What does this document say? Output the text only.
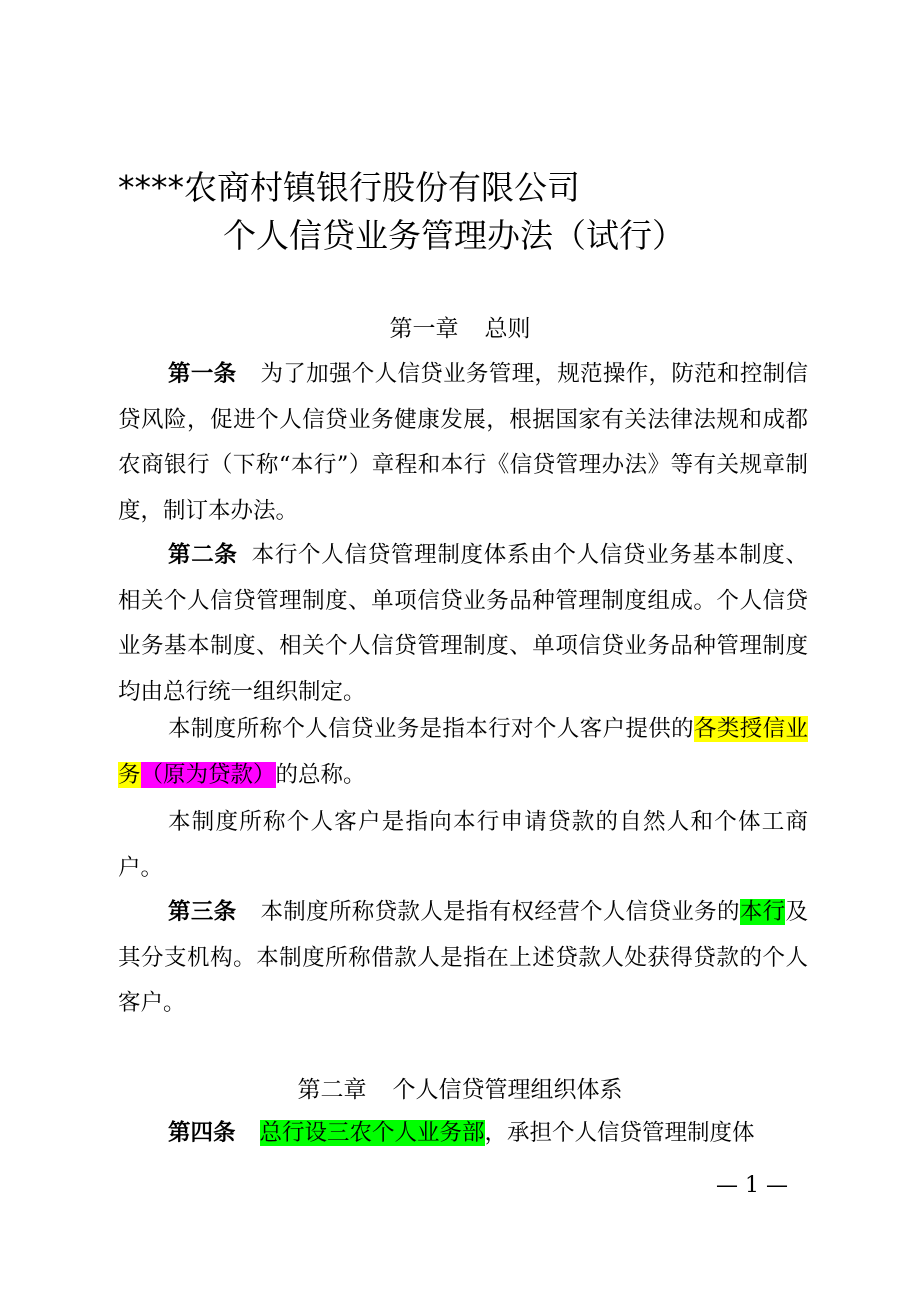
****农商村镇银行股份有限公司
个人信贷业务管理办法（试行）
第一章 总则

第一条 为了加强个人信贷业务管理，规范操作，防范和控制信贷风险，促进个人信贷业务健康发展，根据国家有关法律法规和成都农商银行（下称“本行”）章程和本行《信贷管理办法》等有关规章制度，制订本办法。

第二条 本行个人信贷管理制度体系由个人信贷业务基本制度、相关个人信贷管理制度、单项信贷业务品种管理制度组成。个人信贷业务基本制度、相关个人信贷管理制度、单项信贷业务品种管理制度均由总行统一组织制定。

本制度所称个人信贷业务是指本行对个人客户提供的各类授信业务（原为贷款）的总称。

本制度所称个人客户是指向本行申请贷款的自然人和个体工商户。

第三条 本制度所称贷款人是指有权经营个人信贷业务的本行及其分支机构。本制度所称借款人是指在上述贷款人处获得贷款的个人客户。

第二章 个人信贷管理组织体系

第四条 总行设三农个人业务部，承担个人信贷管理制度体

— 1 —
